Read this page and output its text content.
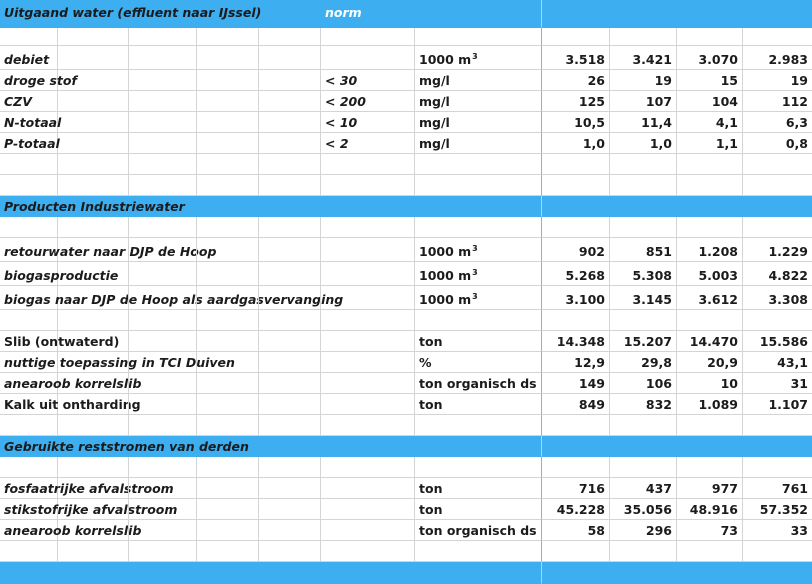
Uitgaand water (effluent naar IJssel)	norm
debiet	1000 m 3	3.518	3.421	3.070	2.983
droge stof	< 30	mg/l	26	19	15	19
CZV	< 200	mg/l	125	107	104	112
N-totaal	< 10	mg/l	10,5	11,4	4,1	6,3
P-totaal	< 2	mg/l	1,0	1,0	1,1	0,8
Producten Industriewater
retourwater naar DJP de Hoop	1000 m 3	902	851	1.208	1.229
biogasproductie	1000 m 3	5.268	5.308	5.003	4.822
biogas naar DJP de Hoop als aardgasvervanging	1000 m 3	3.100	3.145	3.612	3.308
Slib (ontwaterd)	ton	14.348	15.207	14.470	15.586
nuttige toepassing in TCI Duiven	%	12,9	29,8	20,9	43,1
anearoob korrelslib	ton organisch ds	149	106	10	31
Kalk uit ontharding	ton	849	832	1.089	1.107
Gebruikte reststromen van derden
fosfaatrijke afvalstroom	ton	716	437	977	761
stikstofrijke afvalstroom	ton	45.228	35.056	48.916	57.352
anearoob korrelslib	ton organisch ds	58	296	73	33
